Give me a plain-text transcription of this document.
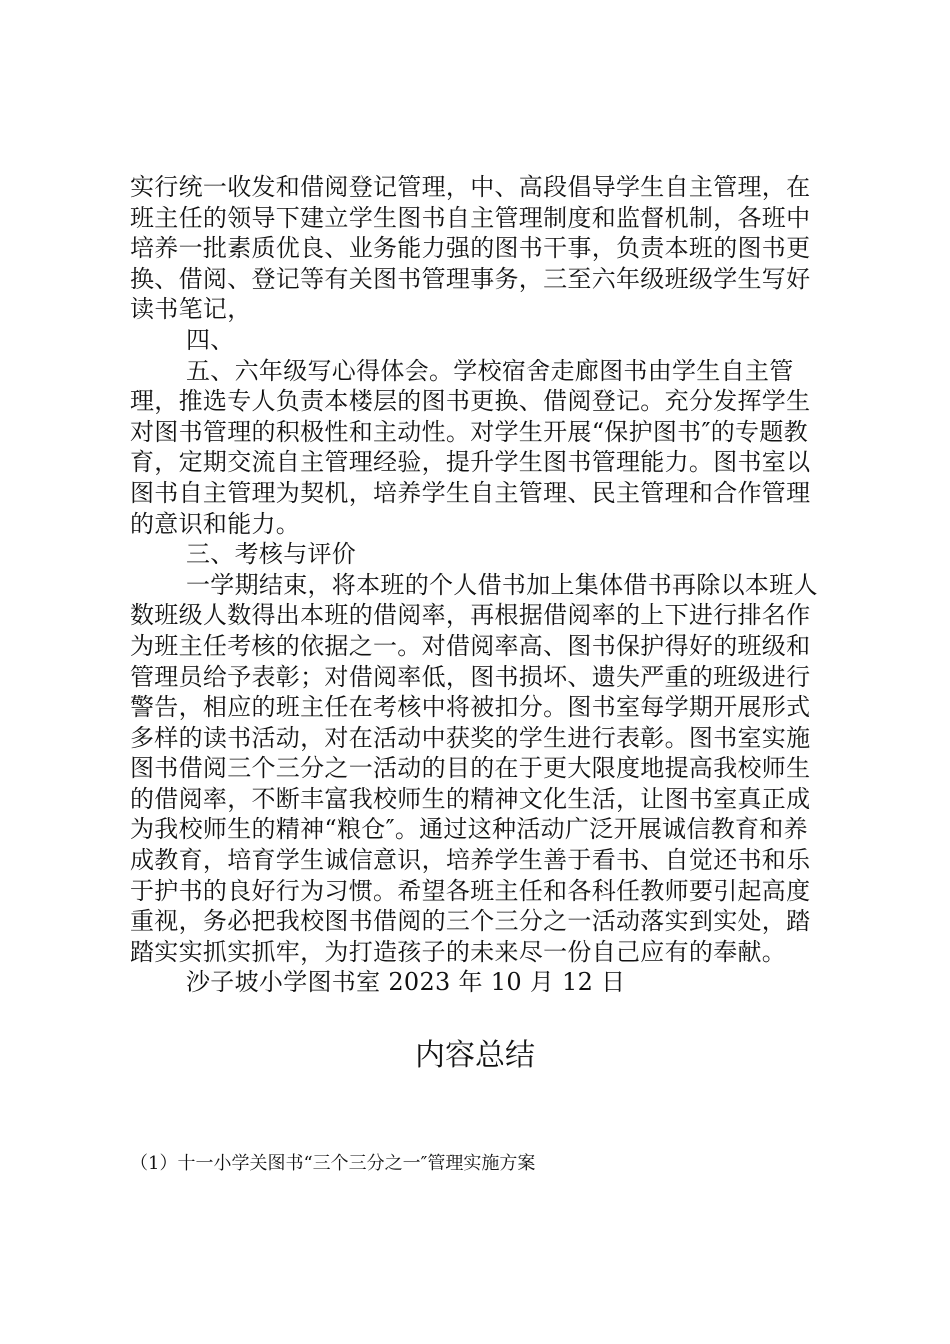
实行统一收发和借阅登记管理，中、高段倡导学生自主管理，在班主任的领导下建立学生图书自主管理制度和监督机制，各班中培养一批素质优良、业务能力强的图书干事，负责本班的图书更换、借阅、登记等有关图书管理事务，三至六年级班级学生写好读书笔记，

四、

五、六年级写心得体会。学校宿舍走廊图书由学生自主管理，推选专人负责本楼层的图书更换、借阅登记。充分发挥学生对图书管理的积极性和主动性。对学生开展“保护图书″的专题教育，定期交流自主管理经验，提升学生图书管理能力。图书室以图书自主管理为契机，培养学生自主管理、民主管理和合作管理的意识和能力。

三、考核与评价

一学期结束，将本班的个人借书加上集体借书再除以本班人数班级人数得出本班的借阅率，再根据借阅率的上下进行排名作为班主任考核的依据之一。对借阅率高、图书保护得好的班级和管理员给予表彰；对借阅率低，图书损坏、遗失严重的班级进行警告，相应的班主任在考核中将被扣分。图书室每学期开展形式多样的读书活动，对在活动中获奖的学生进行表彰。图书室实施图书借阅三个三分之一活动的目的在于更大限度地提高我校师生的借阅率，不断丰富我校师生的精神文化生活，让图书室真正成为我校师生的精神“粮仓″。通过这种活动广泛开展诚信教育和养成教育，培育学生诚信意识，培养学生善于看书、自觉还书和乐于护书的良好行为习惯。希望各班主任和各科任教师要引起高度重视，务必把我校图书借阅的三个三分之一活动落实到实处，踏踏实实抓实抓牢，为打造孩子的未来尽一份自己应有的奉献。

沙子坡小学图书室 2023 年 10 月 12 日

内容总结

（1）十一小学关图书“三个三分之一″管理实施方案
